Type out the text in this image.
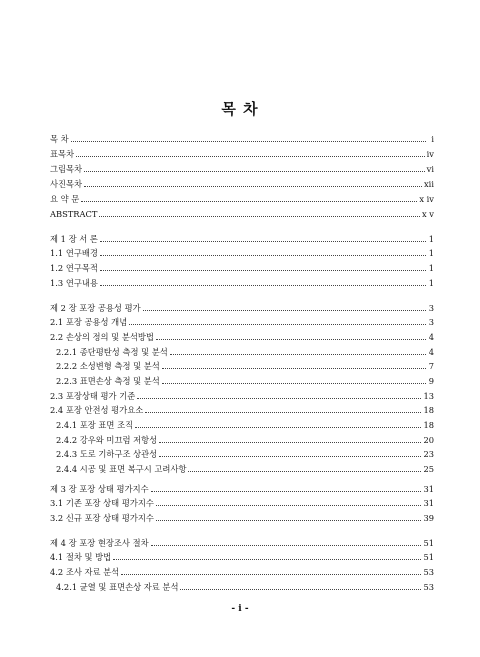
목 차
목 차	i
표목차	iv
그림목차	vi
사진목차	xii
요 약 문	x iv
ABSTRACT	x v
제 1 장 서 론	1
1.1 연구배경	1
1.2 연구목적	1
1.3 연구내용	1
제 2 장 포장 공용성 평가	3
2.1 포장 공용성 개념	3
2.2 손상의 정의 및 분석방법	4
2.2.1 종단평탄성 측정 및 분석	4
2.2.2 소성변형 측정 및 분석	7
2.2.3 표면손상 측정 및 분석	9
2.3 포장상태 평가 기준	13
2.4 포장 안전성 평가요소	18
2.4.1 포장 표면 조직	18
2.4.2 강우와 미끄럼 저항성	20
2.4.3 도로 기하구조 상관성	23
2.4.4 시공 및 표면 복구시 고려사항	25
제 3 장 포장 상태 평가지수	31
3.1 기존 포장 상태 평가지수	31
3.2 신규 포장 상태 평가지수	39
제 4 장 포장 현장조사 절차	51
4.1 절차 및 방법	51
4.2 조사 자료 분석	53
4.2.1 균열 및 표면손상 자료 분석	53
- i -
